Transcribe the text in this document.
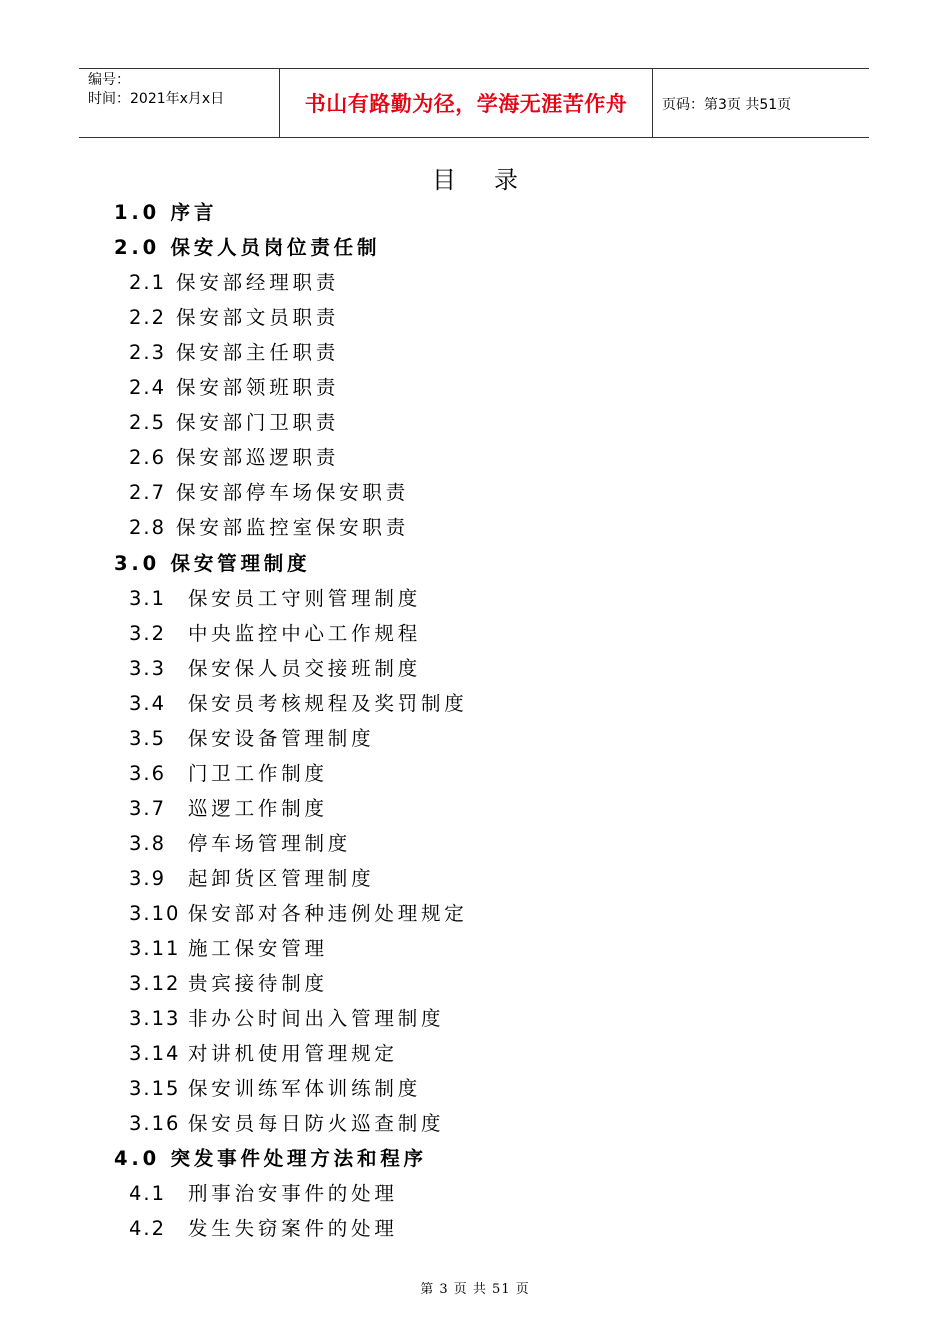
编号：
时间：2021年x月x日	书山有路勤为径，学海无涯苦作舟	页码：第3页 共51页
目录
1.0 序言
2.0 保安人员岗位责任制
2.1 保安部经理职责
2.2 保安部文员职责
2.3 保安部主任职责
2.4 保安部领班职责
2.5 保安部门卫职责
2.6 保安部巡逻职责
2.7 保安部停车场保安职责
2.8 保安部监控室保安职责
3.0 保安管理制度
3.1 保安员工守则管理制度
3.2 中央监控中心工作规程
3.3 保安保人员交接班制度
3.4 保安员考核规程及奖罚制度
3.5 保安设备管理制度
3.6 门卫工作制度
3.7 巡逻工作制度
3.8 停车场管理制度
3.9 起卸货区管理制度
3.10 保安部对各种违例处理规定
3.11 施工保安管理
3.12 贵宾接待制度
3.13 非办公时间出入管理制度
3.14 对讲机使用管理规定
3.15 保安训练军体训练制度
3.16 保安员每日防火巡查制度
4.0 突发事件处理方法和程序
4.1 刑事治安事件的处理
4.2 发生失窃案件的处理
第 3 页 共 51 页
